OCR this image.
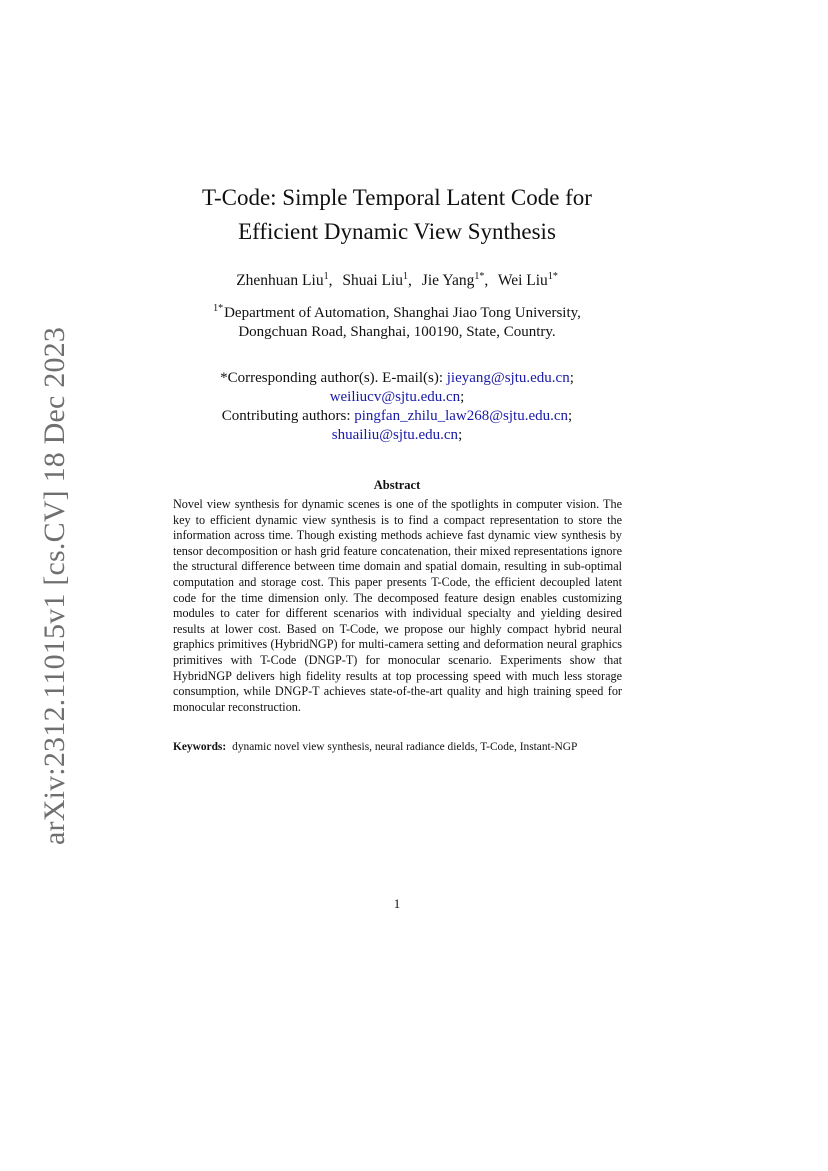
arXiv:2312.11015v1 [cs.CV] 18 Dec 2023
T-Code: Simple Temporal Latent Code for
Efficient Dynamic View Synthesis
Zhenhuan Liu$^1$, Shuai Liu$^1$, Jie Yang$^{1*}$, Wei Liu$^{1*}$
$^{1*}$Department of Automation, Shanghai Jiao Tong University,
Dongchuan Road, Shanghai, 100190, State, Country.
*Corresponding author(s). E-mail(s): jieyang@sjtu.edu.cn;
weiliucv@sjtu.edu.cn;
Contributing authors: pingfan_zhilu_law268@sjtu.edu.cn;
shuailiu@sjtu.edu.cn;
Abstract
Novel view synthesis for dynamic scenes is one of the spotlights in computer vision. The key to efficient dynamic view synthesis is to find a compact representation to store the information across time. Though existing methods achieve fast dynamic view synthesis by tensor decomposition or hash grid feature concatenation, their mixed representations ignore the structural difference between time domain and spatial domain, resulting in sub-optimal computation and storage cost. This paper presents T-Code, the efficient decoupled latent code for the time dimension only. The decomposed feature design enables customizing modules to cater for different scenarios with individual specialty and yielding desired results at lower cost. Based on T-Code, we propose our highly compact hybrid neural graphics primitives (HybridNGP) for multi-camera setting and deformation neural graphics primitives with T-Code (DNGP-T) for monocular scenario. Experiments show that HybridNGP delivers high fidelity results at top processing speed with much less storage consumption, while DNGP-T achieves state-of-the-art quality and high training speed for monocular reconstruction.
Keywords: dynamic novel view synthesis, neural radiance dields, T-Code, Instant-NGP
1
